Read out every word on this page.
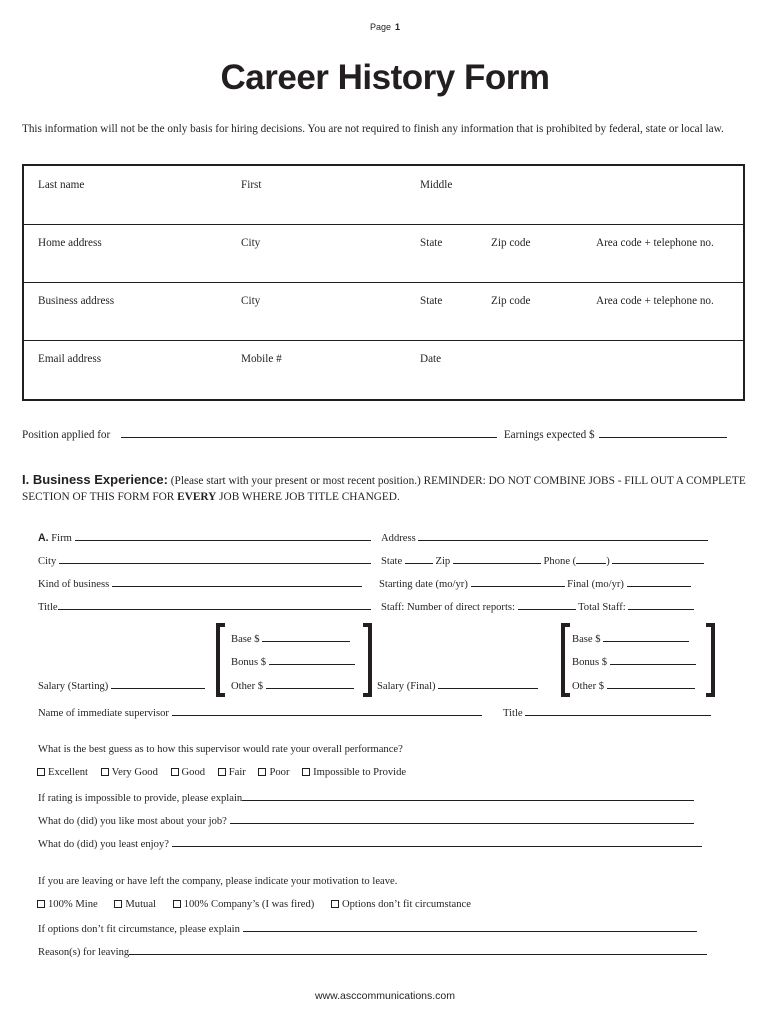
Page 1
Career History Form
This information will not be the only basis for hiring decisions. You are not required to finish any information that is prohibited by federal, state or local law.
Last name	First	Middle
Home address	City	State	Zip code	Area code + telephone no.
Business address	City	State	Zip code	Area code + telephone no.
Email address	Mobile #	Date
Position applied for	Earnings expected $
I. Business Experience: (Please start with your present or most recent position.) REMINDER: DO NOT COMBINE JOBS - FILL OUT A COMPLETE SECTION OF THIS FORM FOR EVERY JOB WHERE JOB TITLE CHANGED.
A. Firm	Address
City	State	Zip	Phone (	)
Kind of business	Starting date (mo/yr)	Final (mo/yr)
Title	Staff: Number of direct reports:	Total Staff:
Base $
Bonus $
Other $
Salary (Starting)
Base $
Bonus $
Other $
Salary (Final)
Name of immediate supervisor	Title
What is the best guess as to how this supervisor would rate your overall performance?
Excellent Very Good Good Fair Poor Impossible to Provide
If rating is impossible to provide, please explain
What do (did) you like most about your job?
What do (did) you least enjoy?
If you are leaving or have left the company, please indicate your motivation to leave.
100% Mine	Mutual	100% Company’s (I was fired)	Options don’t fit circumstance
If options don’t fit circumstance, please explain
Reason(s) for leaving
www.asccommunications.com
